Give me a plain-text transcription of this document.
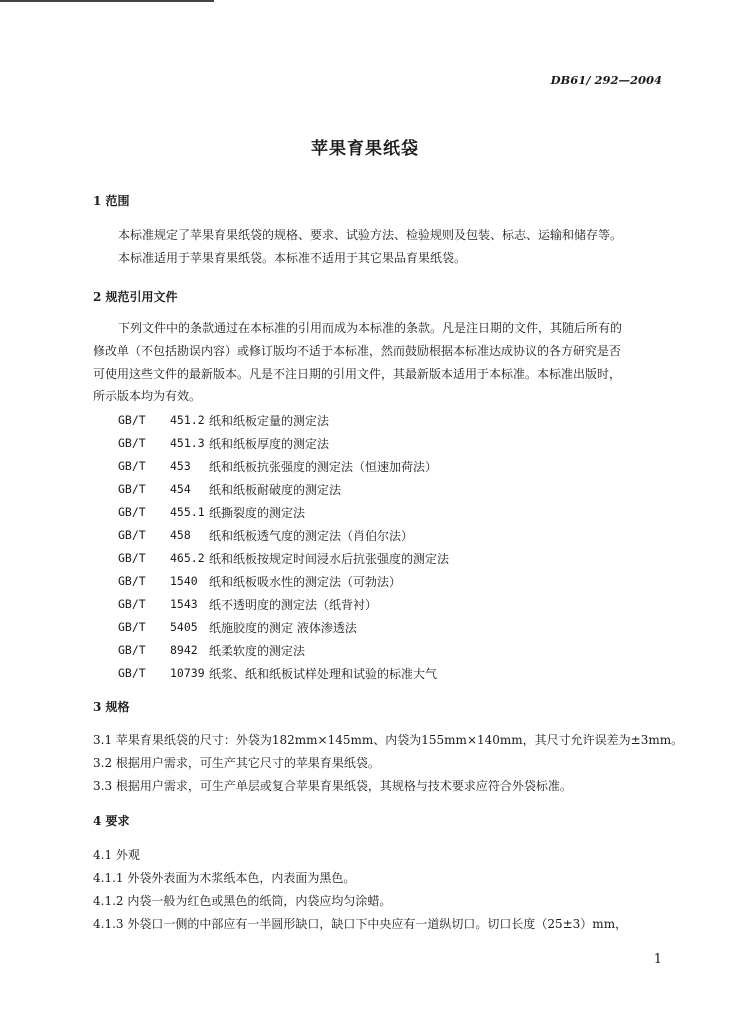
· · · ·
DB61/ 292—2004
苹果育果纸袋
1 范围
本标准规定了苹果育果纸袋的规格、要求、试验方法、检验规则及包装、标志、运输和储存等。
本标准适用于苹果育果纸袋。本标准不适用于其它果品育果纸袋。
2 规范引用文件
下列文件中的条款通过在本标准的引用而成为本标准的条款。凡是注日期的文件，其随后所有的
修改单（不包括勘误内容）或修订版均不适于本标准，然而鼓励根据本标准达成协议的各方研究是否
可使用这些文件的最新版本。凡是不注日期的引用文件，其最新版本适用于本标准。本标准出版时，
所示版本均为有效。
GB/T 451.2 纸和纸板定量的测定法
GB/T 451.3 纸和纸板厚度的测定法
GB/T 453 纸和纸板抗张强度的测定法（恒速加荷法）
GB/T 454 纸和纸板耐破度的测定法
GB/T 455.1 纸撕裂度的测定法
GB/T 458 纸和纸板透气度的测定法（肖伯尔法）
GB/T 465.2 纸和纸板按规定时间浸水后抗张强度的测定法
GB/T 1540 纸和纸板吸水性的测定法（可勃法）
GB/T 1543 纸不透明度的测定法（纸背衬）
GB/T 5405 纸施胶度的测定 液体渗透法
GB/T 8942 纸柔软度的测定法
GB/T 10739 纸浆、纸和纸板试样处理和试验的标准大气
3 规格
3.1 苹果育果纸袋的尺寸：外袋为182mm×145mm、内袋为155mm×140mm，其尺寸允许误差为±3mm。
3.2 根据用户需求，可生产其它尺寸的苹果育果纸袋。
3.3 根据用户需求，可生产单层或复合苹果育果纸袋，其规格与技术要求应符合外袋标准。
4 要求
4.1 外观
4.1.1 外袋外表面为木浆纸本色，内表面为黑色。
4.1.2 内袋一般为红色或黑色的纸筒，内袋应均匀涂蜡。
4.1.3 外袋口一侧的中部应有一半圆形缺口，缺口下中央应有一道纵切口。切口长度（25±3）mm，
1
